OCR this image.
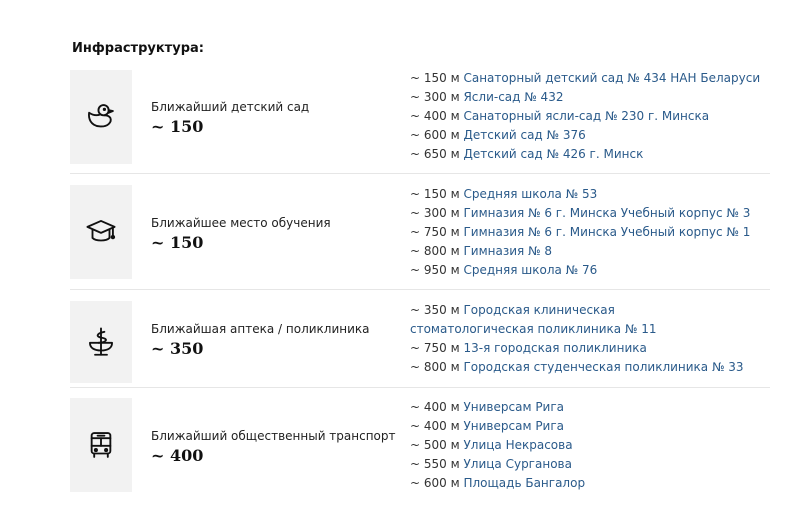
Инфраструктура:
Ближайший детский сад
~ 150
~ 150 м Санаторный детский сад № 434 НАН Беларуси
~ 300 м Ясли-сад № 432
~ 400 м Санаторный ясли-сад № 230 г. Минска
~ 600 м Детский сад № 376
~ 650 м Детский сад № 426 г. Минск
Ближайшее место обучения
~ 150
~ 150 м Средняя школа № 53
~ 300 м Гимназия № 6 г. Минска Учебный корпус № 3
~ 750 м Гимназия № 6 г. Минска Учебный корпус № 1
~ 800 м Гимназия № 8
~ 950 м Средняя школа № 76
Ближайшая аптека / поликлиника
~ 350
~ 350 м Городская клиническая стоматологическая поликлиника № 11
~ 750 м 13-я городская поликлиника
~ 800 м Городская студенческая поликлиника № 33
Ближайший общественный транспорт
~ 400
~ 400 м Универсам Рига
~ 400 м Универсам Рига
~ 500 м Улица Некрасова
~ 550 м Улица Сурганова
~ 600 м Площадь Бангалор
